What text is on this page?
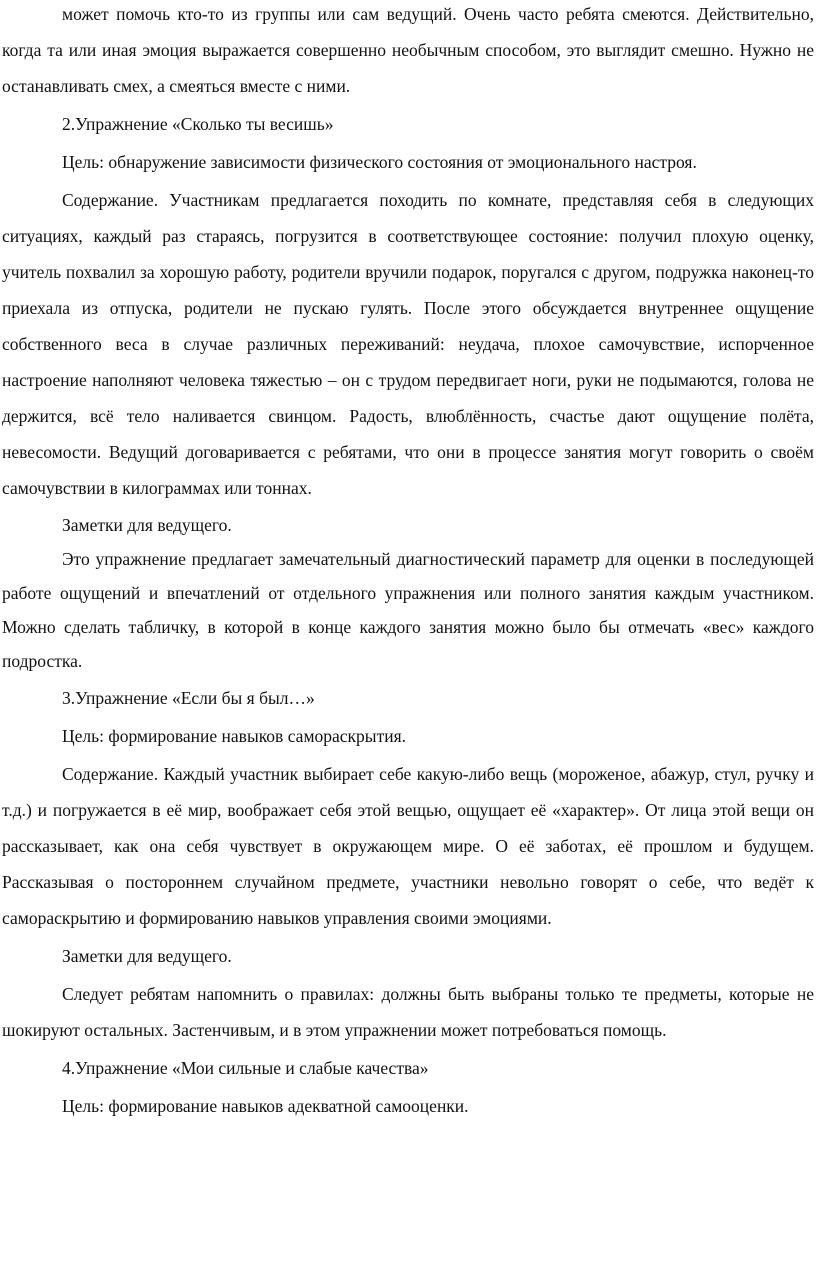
может помочь кто-то из группы или сам ведущий. Очень часто ребята смеются. Действительно, когда та или иная эмоция выражается совершенно необычным способом, это выглядит смешно. Нужно не останавливать смех, а смеяться вместе с ними.

2.Упражнение «Сколько ты весишь»

Цель: обнаружение зависимости физического состояния от эмоционального настроя.

Содержание. Участникам предлагается походить по комнате, представляя себя в следующих ситуациях, каждый раз стараясь, погрузится в соответствующее состояние: получил плохую оценку, учитель похвалил за хорошую работу, родители вручили подарок, поругался с другом, подружка наконец-то приехала из отпуска, родители не пускаю гулять. После этого обсуждается внутреннее ощущение собственного веса в случае различных переживаний: неудача, плохое самочувствие, испорченное настроение наполняют человека тяжестью – он с трудом передвигает ноги, руки не подымаются, голова не держится, всё тело наливается свинцом. Радость, влюблённость, счастье дают ощущение полёта, невесомости. Ведущий договаривается с ребятами, что они в процессе занятия могут говорить о своём самочувствии в килограммах или тоннах.

Заметки для ведущего.

Это упражнение предлагает замечательный диагностический параметр для оценки в последующей работе ощущений и впечатлений от отдельного упражнения или полного занятия каждым участником. Можно сделать табличку, в которой в конце каждого занятия можно было бы отмечать «вес» каждого подростка.

3.Упражнение «Если бы я был…»

Цель: формирование навыков самораскрытия.

Содержание. Каждый участник выбирает себе какую-либо вещь (мороженое, абажур, стул, ручку и т.д.) и погружается в её мир, воображает себя этой вещью, ощущает её «характер». От лица этой вещи он рассказывает, как она себя чувствует в окружающем мире. О её заботах, её прошлом и будущем. Рассказывая о постороннем случайном предмете, участники невольно говорят о себе, что ведёт к самораскрытию и формированию навыков управления своими эмоциями.

Заметки для ведущего.

Следует ребятам напомнить о правилах: должны быть выбраны только те предметы, которые не шокируют остальных. Застенчивым, и в этом упражнении может потребоваться помощь.

4.Упражнение «Мои сильные и слабые качества»

Цель: формирование навыков адекватной самооценки.
